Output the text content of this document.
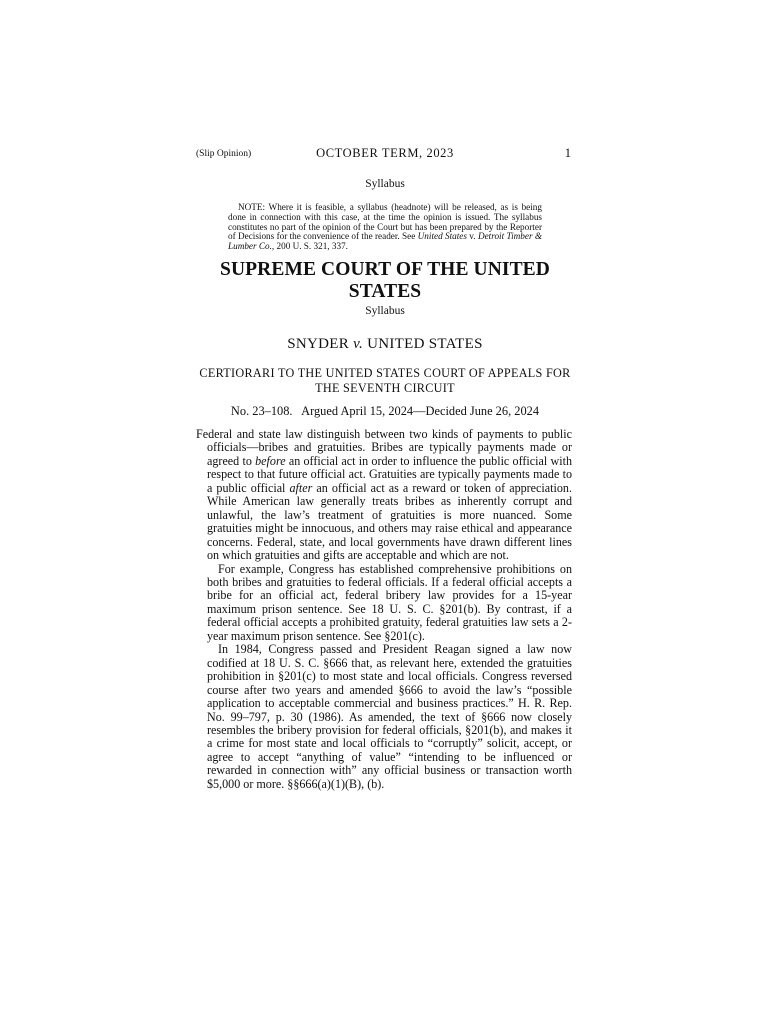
(Slip Opinion)	OCTOBER TERM, 2023	1
Syllabus

NOTE: Where it is feasible, a syllabus (headnote) will be released, as is being done in connection with this case, at the time the opinion is issued. The syllabus constitutes no part of the opinion of the Court but has been prepared by the Reporter of Decisions for the convenience of the reader. See United States v. Detroit Timber & Lumber Co., 200 U. S. 321, 337.

SUPREME COURT OF THE UNITED STATES
Syllabus
SNYDER v. UNITED STATES
CERTIORARI TO THE UNITED STATES COURT OF APPEALS FOR THE SEVENTH CIRCUIT
No. 23–108.   Argued April 15, 2024—Decided June 26, 2024

Federal and state law distinguish between two kinds of payments to public officials—bribes and gratuities. Bribes are typically payments made or agreed to before an official act in order to influence the public official with respect to that future official act. Gratuities are typically payments made to a public official after an official act as a reward or token of appreciation. While American law generally treats bribes as inherently corrupt and unlawful, the law’s treatment of gratuities is more nuanced. Some gratuities might be innocuous, and others may raise ethical and appearance concerns. Federal, state, and local governments have drawn different lines on which gratuities and gifts are acceptable and which are not.

For example, Congress has established comprehensive prohibitions on both bribes and gratuities to federal officials. If a federal official accepts a bribe for an official act, federal bribery law provides for a 15-year maximum prison sentence. See 18 U. S. C. §201(b). By contrast, if a federal official accepts a prohibited gratuity, federal gratuities law sets a 2-year maximum prison sentence. See §201(c).

In 1984, Congress passed and President Reagan signed a law now codified at 18 U. S. C. §666 that, as relevant here, extended the gratuities prohibition in §201(c) to most state and local officials. Congress reversed course after two years and amended §666 to avoid the law’s “possible application to acceptable commercial and business practices.” H. R. Rep. No. 99–797, p. 30 (1986). As amended, the text of §666 now closely resembles the bribery provision for federal officials, §201(b), and makes it a crime for most state and local officials to “corruptly” solicit, accept, or agree to accept “anything of value” “intending to be influenced or rewarded in connection with” any official business or transaction worth $5,000 or more. §§666(a)(1)(B), (b).
